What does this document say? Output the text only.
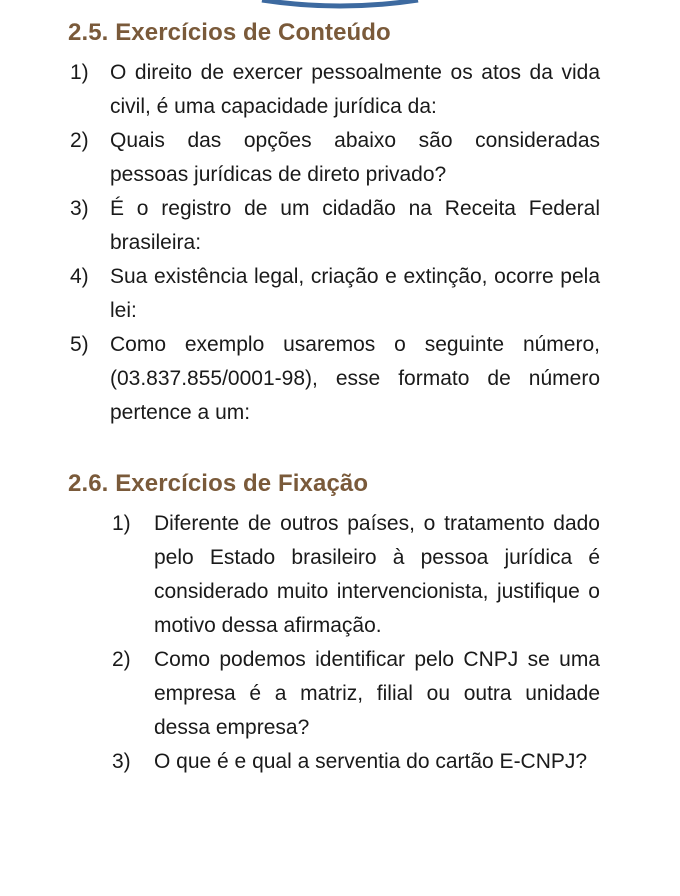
2.5. Exercícios de Conteúdo
1) O direito de exercer pessoalmente os atos da vida civil, é uma capacidade jurídica da:
2) Quais das opções abaixo são consideradas pessoas jurídicas de direto privado?
3) É o registro de um cidadão na Receita Federal brasileira:
4) Sua existência legal, criação e extinção, ocorre pela lei:
5) Como exemplo usaremos o seguinte número, (03.837.855/0001-98), esse formato de número pertence a um:
2.6. Exercícios de Fixação
1) Diferente de outros países, o tratamento dado pelo Estado brasileiro à pessoa jurídica é considerado muito intervencionista, justifique o motivo dessa afirmação.
2) Como podemos identificar pelo CNPJ se uma empresa é a matriz, filial ou outra unidade dessa empresa?
3) O que é e qual a serventia do cartão E-CNPJ?
